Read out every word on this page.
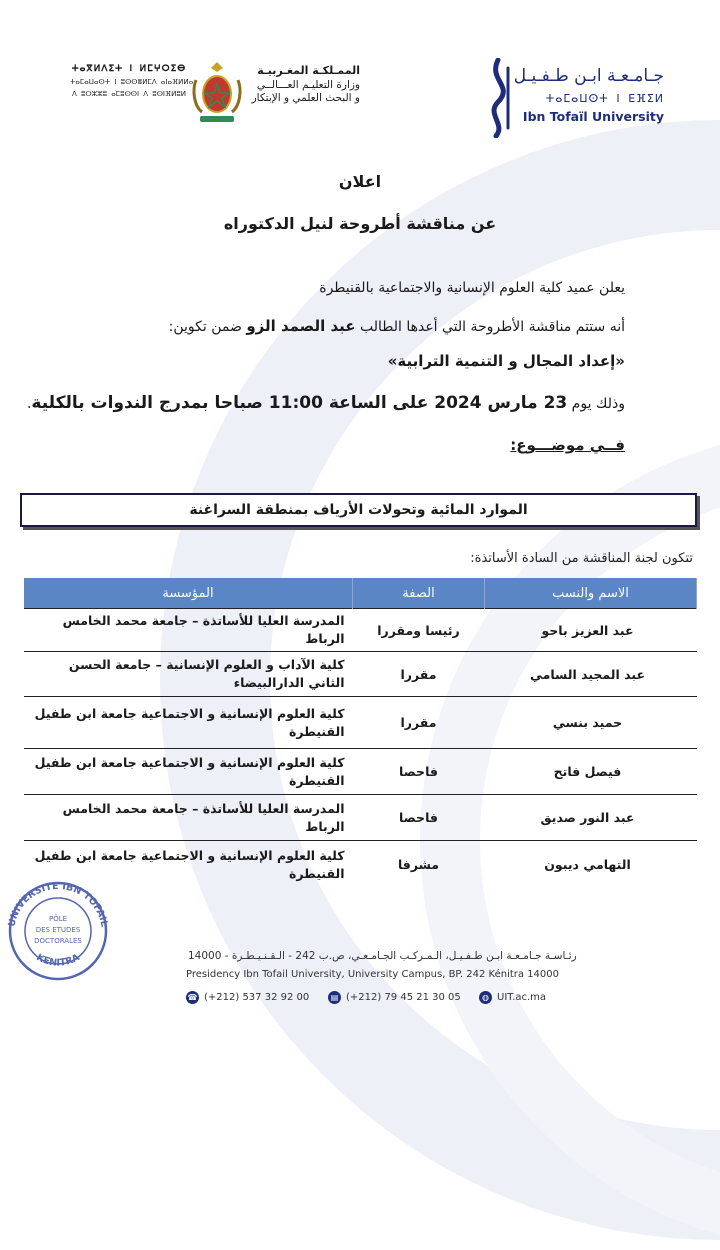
جـامـعـة ابـن طـفـيـل
ⵜⴰⵎⴰⵡⵙⵜ ⵏ ⴹⴼⵉⵍ
Ibn Tofaïl University
ⵜⴰⴳⵍⴷⵉⵜ ⵏ ⵍⵎⵖⵔⵉⴱ
ⵜⴰⵎⴰⵡⴰⵙⵜ ⵏ ⵓⵙⵙⴻⵍⵎⴷ ⴰⵏⴰⴼⵍⵍⴰ
ⴷ ⵓⵔⵣⵣⵓ ⴰⵎⵓⵙⵙⵏ ⴷ ⵓⵙⵏⴼⵍⵓⵍ
الممـلكـة المغـربيـة
وزارة التعليـم العـــالــي
و البحث العلمي و الإبتكار
اعلان
عن مناقشة أطروحة لنيل الدكتوراه
يعلن عميد كلية العلوم الإنسانية والاجتماعية بالقنيطرة
أنه ستتم مناقشة الأطروحة التي أعدها الطالب عبد الصمد الزو ضمن تكوين:
«إعداد المجال و التنمية الترابية»
وذلك يوم 23 مارس 2024 على الساعة 11:00 صباحا بمدرج الندوات بالكلية.
فــي موضـــوع:
الموارد المائية وتحولات الأرياف بمنطقة السراغنة
تتكون لجنة المناقشة من السادة الأساتذة:
الاسم والنسب	الصفة	المؤسسة
عبد العزيز باحو	رئيسا ومقررا	المدرسة العليا للأساتذة – جامعة محمد الخامس الرباط
عبد المجيد السامي	مقررا	كلية الآداب و العلوم الإنسانية – جامعة الحسن الثاني الدارالبيضاء
حميد بنسي	مقررا	كلية العلوم الإنسانية و الاجتماعية جامعة ابن طفيل القنيطرة
فيصل فاتح	فاحصا	كلية العلوم الإنسانية و الاجتماعية جامعة ابن طفيل القنيطرة
عبد النور صديق	فاحصا	المدرسة العليا للأساتذة – جامعة محمد الخامس الرباط
التهامي ديبون	مشرفا	كلية العلوم الإنسانية و الاجتماعية جامعة ابن طفيل القنيطرة
UNIVERSITE IBN TOFAIL
KENITRA
PÔLE
DES ETUDES
DOCTORALES
رئـاسـة جـامـعـة ابـن طـفـيـل، الـمـركـب الجـامـعـي، ص.ب 242 - الـقـنـيـطـرة - 14000
Presidency Ibn Tofail University, University Campus, BP. 242 Kénitra 14000
☎ (+212) 537 32 92 00	▤ (+212) 79 45 21 30 05	◍ UIT.ac.ma
